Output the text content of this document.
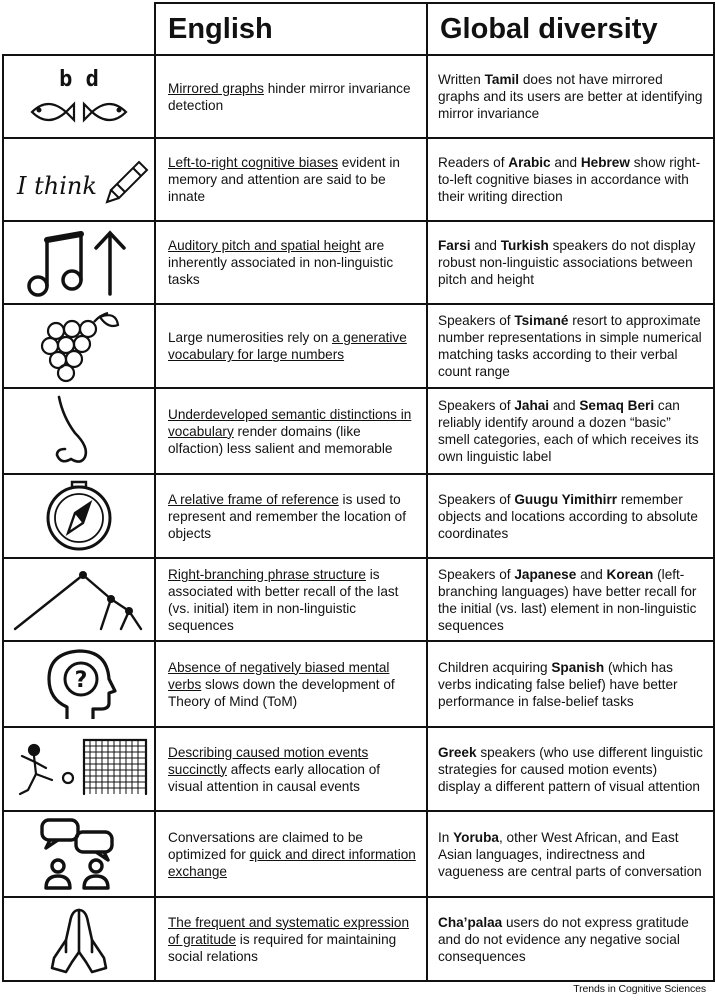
	English	Global diversity

b d	Mirrored graphs hinder mirror invariance detection	Written Tamil does not have mirrored graphs and its users are better at identifying mirror invariance

I think	Left-to-right cognitive biases evident in memory and attention are said to be innate	Readers of Arabic and Hebrew show right-to-left cognitive biases in accordance with their writing direction

	Auditory pitch and spatial height are inherently associated in non-linguistic tasks	Farsi and Turkish speakers do not display robust non-linguistic associations between pitch and height

	Large numerosities rely on a generative vocabulary for large numbers	Speakers of Tsimané resort to approximate number representations in simple numerical matching tasks according to their verbal count range

	Underdeveloped semantic distinctions in vocabulary render domains (like olfaction) less salient and memorable	Speakers of Jahai and Semaq Beri can reliably identify around a dozen “basic” smell categories, each of which receives its own linguistic label

	A relative frame of reference is used to represent and remember the location of objects	Speakers of Guugu Yimithirr remember objects and locations according to absolute coordinates

	Right-branching phrase structure is associated with better recall of the last (vs. initial) item in non-linguistic sequences	Speakers of Japanese and Korean (left-branching languages) have better recall for the initial (vs. last) element in non-linguistic sequences

?	Absence of negatively biased mental verbs slows down the development of Theory of Mind (ToM)	Children acquiring Spanish (which has verbs indicating false belief) have better performance in false-belief tasks

	Describing caused motion events succinctly affects early allocation of visual attention in causal events	Greek speakers (who use different linguistic strategies for caused motion events) display a different pattern of visual attention

	Conversations are claimed to be optimized for quick and direct information exchange	In Yoruba, other West African, and East Asian languages, indirectness and vagueness are central parts of conversation

	The frequent and systematic expression of gratitude is required for maintaining social relations	Cha’palaa users do not express gratitude and do not evidence any negative social consequences
Trends in Cognitive Sciences
